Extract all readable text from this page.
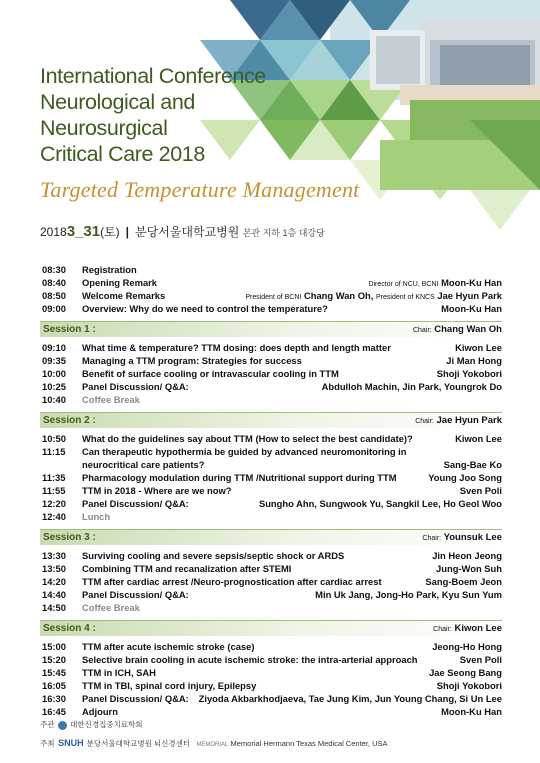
International Conference
Neurological and
Neurosurgical
Critical Care 2018
Targeted Temperature Management
20183_31(토) | 분당서울대학교병원 본관 지하 1층 대강당
08:30 Registration
08:40 Opening Remark	Director of NCU, BCNI Moon-Ku Han
08:50 Welcome Remarks	President of BCNI Chang Wan Oh, President of KNCS Jae Hyun Park
09:00 Overview: Why do we need to control the temperature?	Moon-Ku Han
Session 1 :	Chair: Chang Wan Oh
09:10 What time & temperature? TTM dosing: does depth and length matter	Kiwon Lee
09:35 Managing a TTM program: Strategies for success	Ji Man Hong
10:00 Benefit of surface cooling or intravascular cooling in TTM	Shoji Yokobori
10:25 Panel Discussion/ Q&A:	Abdulloh Machin, Jin Park, Youngrok Do
10:40 Coffee Break
Session 2 :	Chair: Jae Hyun Park
10:50 What do the guidelines say about TTM (How to select the best candidate)?	Kiwon Lee
11:15 Can therapeutic hypothermia be guided by advanced neuromonitoring in
neurocritical care patients?	Sang-Bae Ko
11:35 Pharmacology modulation during TTM /Nutritional support during TTM	Young Joo Song
11:55 TTM in 2018 - Where are we now?	Sven Poli
12:20 Panel Discussion/ Q&A:	Sungho Ahn, Sungwook Yu, Sangkil Lee, Ho Geol Woo
12:40 Lunch
Session 3 :	Chair: Younsuk Lee
13:30 Surviving cooling and severe sepsis/septic shock or ARDS	Jin Heon Jeong
13:50 Combining TTM and recanalization after STEMI	Jung-Won Suh
14:20 TTM after cardiac arrest /Neuro-prognostication after cardiac arrest	Sang-Boem Jeon
14:40 Panel Discussion/ Q&A:	Min Uk Jang, Jong-Ho Park, Kyu Sun Yum
14:50 Coffee Break
Session 4 :	Chair: Kiwon Lee
15:00 TTM after acute ischemic stroke (case)	Jeong-Ho Hong
15:20 Selective brain cooling in acute ischemic stroke: the intra-arterial approach	Sven Poli
15:45 TTM in ICH, SAH	Jae Seong Bang
16:05 TTM in TBI, spinal cord injury, Epilepsy	Shoji Yokobori
16:30 Panel Discussion/ Q&A: Ziyoda Akbarkhodjaeva, Tae Jung Kim, Jun Young Chang, Si Un Lee
16:45 Adjourn	Moon-Ku Han
주관 대한신경집중치료학회
주최 SNUH 분당서울대학교병원 뇌신경센터 MEMORIAL Memorial Hermann Texas Medical Center, USA
